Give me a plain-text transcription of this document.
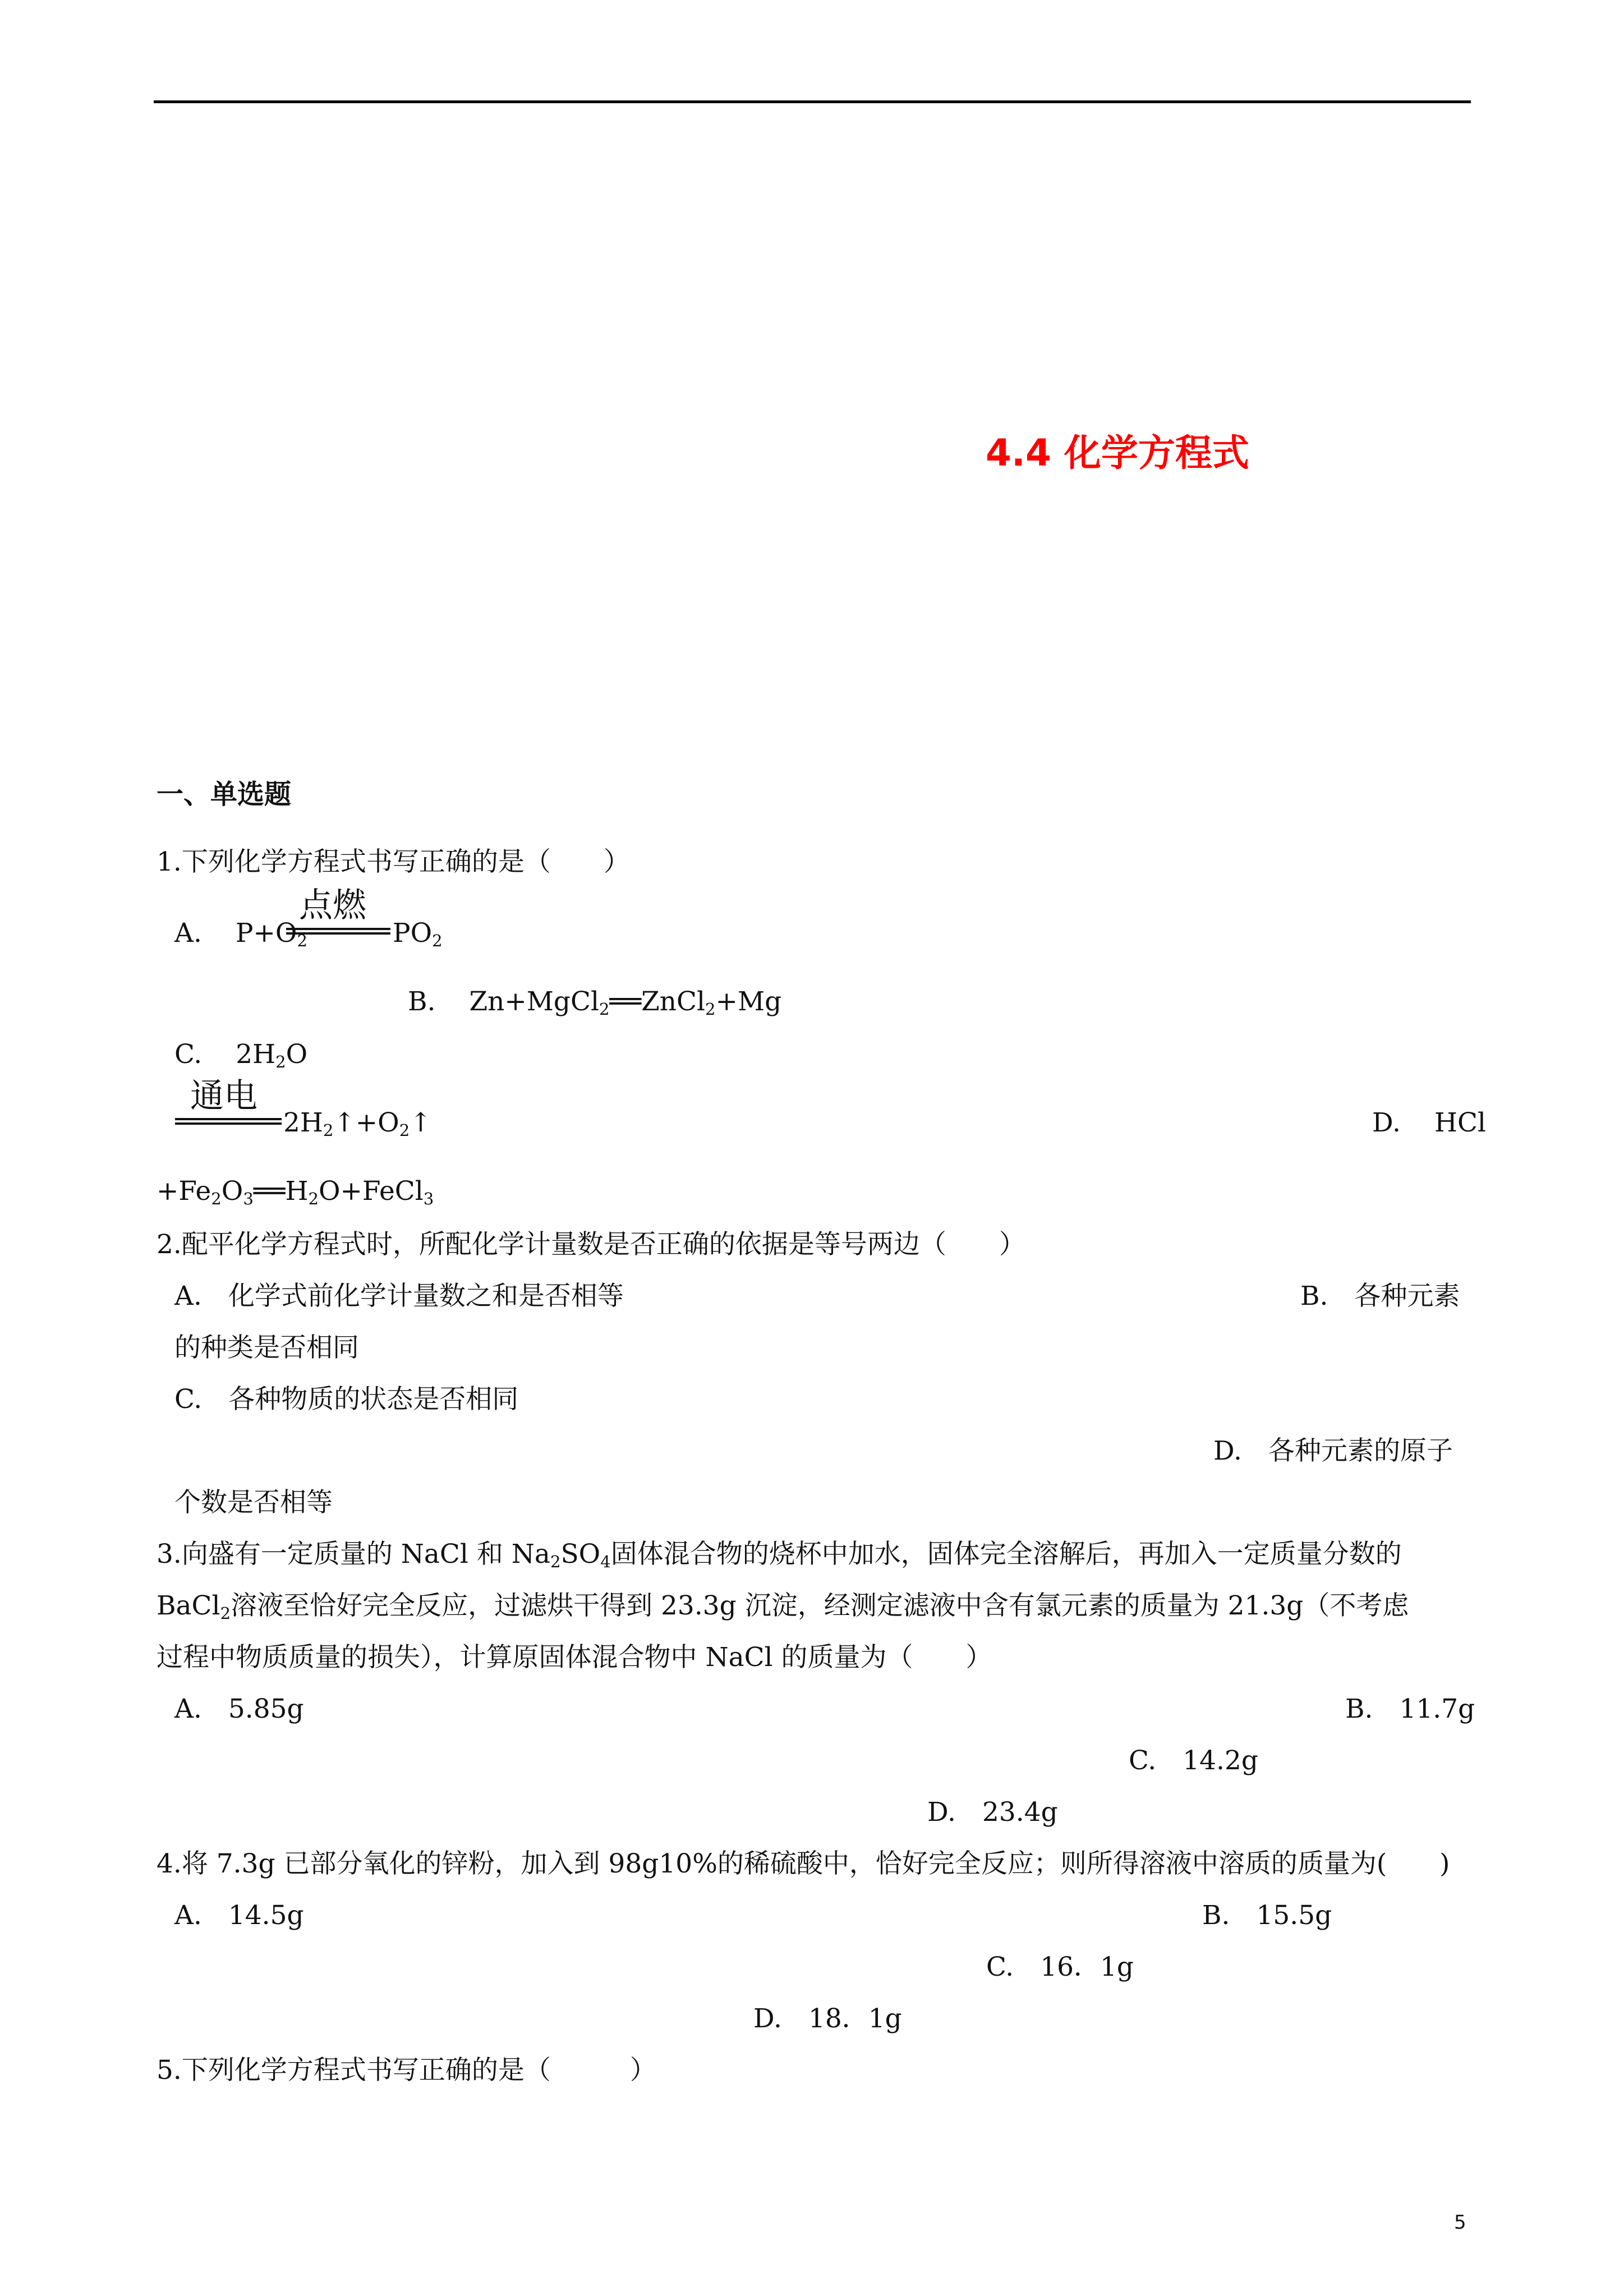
4.4 化学方程式
一、单选题
1.下列化学方程式书写正确的是（　　）
A. $P+O_2$
点燃
$PO_2$
B. Zn+MgCl$_2$══ZnCl$_2$+Mg
C. $2H_2O$
通电
$2H_2↑+O_2↑$	D. HCl
$+Fe_2O_3══H_2O+FeCl_3$
2.配平化学方程式时，所配化学计量数是否正确的依据是等号两边（　　）
A.　化学式前化学计量数之和是否相等	B.　各种元素
的种类是否相同
C.　各种物质的状态是否相同
D.　各种元素的原子
个数是否相等
3.向盛有一定质量的 NaCl 和 $Na_2SO_4$固体混合物的烧杯中加水，固体完全溶解后，再加入一定质量分数的
BaCl$_2$溶液至恰好完全反应，过滤烘干得到 23.3g 沉淀，经测定滤液中含有氯元素的质量为 21.3g（不考虑
过程中物质质量的损失），计算原固体混合物中 NaCl 的质量为（　　）
A.　5.85g	B.　11.7g
C.　14.2g
D.　23.4g
4.将 7.3g 已部分氧化的锌粉，加入到 98g10%的稀硫酸中，恰好完全反应；则所得溶液中溶质的质量为(　　)
A.　14.5g	B.　15.5g
C.　16．1g
D.　18．1g
5.下列化学方程式书写正确的是（　　　）
5
